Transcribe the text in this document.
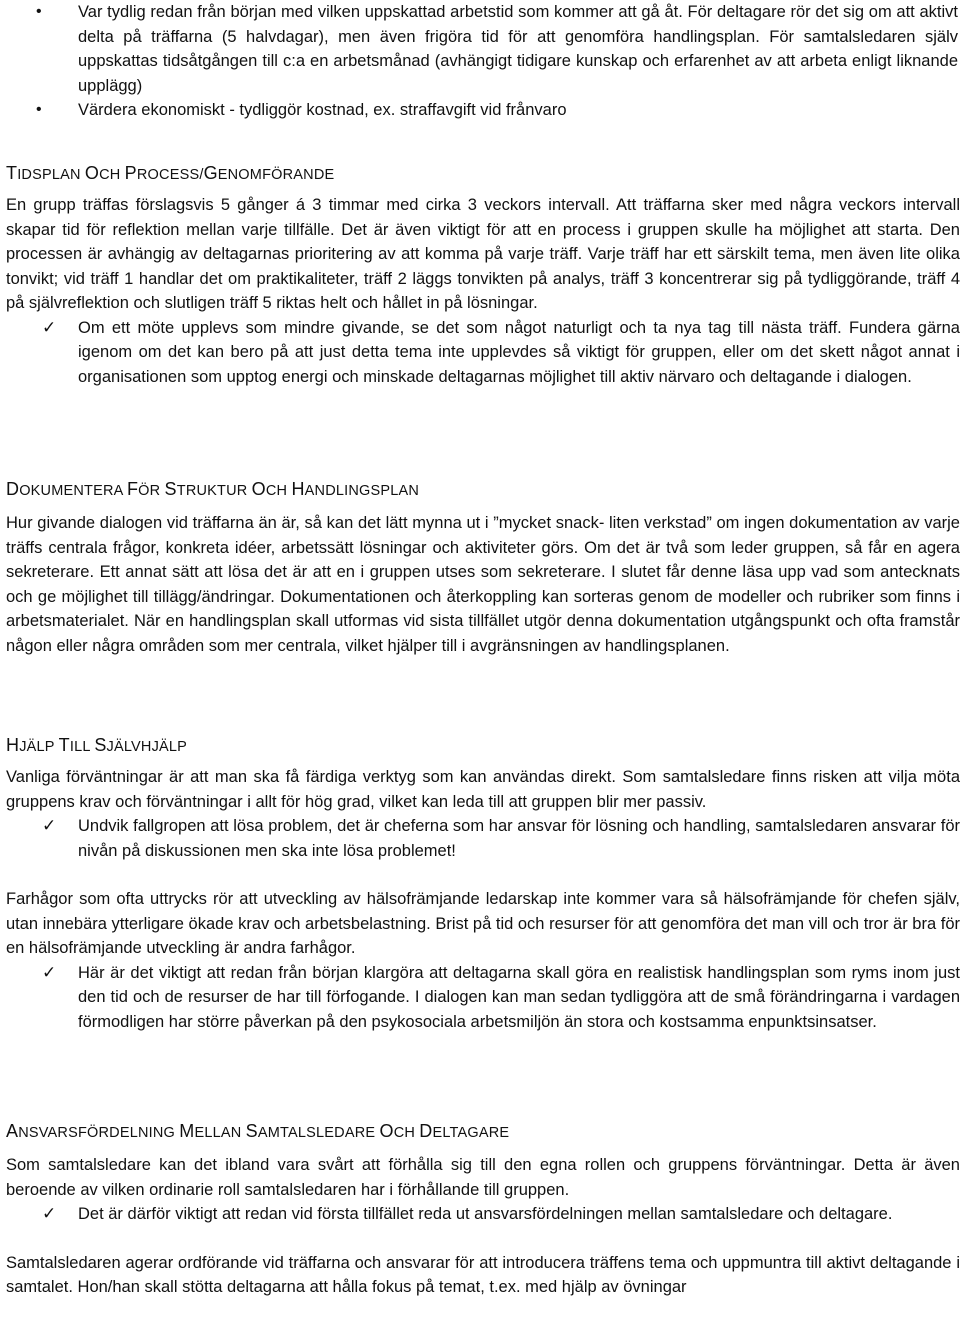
• Var tydlig redan från början med vilken uppskattad arbetstid som kommer att gå åt. För deltagare rör det sig om att aktivt delta på träffarna (5 halvdagar), men även frigöra tid för att genomföra handlingsplan. För samtalsledaren själv uppskattas tidsåtgången till c:a en arbetsmånad (avhängigt tidigare kunskap och erfarenhet av att arbeta enligt liknande upplägg)
• Värdera ekonomiskt - tydliggör kostnad, ex. straffavgift vid frånvaro
TIDSPLAN OCH PROCESS/GENOMFÖRANDE

En grupp träffas förslagsvis 5 gånger á 3 timmar med cirka 3 veckors intervall. Att träffarna sker med några veckors intervall skapar tid för reflektion mellan varje tillfälle. Det är även viktigt för att en process i gruppen skulle ha möjlighet att starta. Den processen är avhängig av deltagarnas prioritering av att komma på varje träff. Varje träff har ett särskilt tema, men även lite olika tonvikt; vid träff 1 handlar det om praktikaliteter, träff 2 läggs tonvikten på analys, träff 3 koncentrerar sig på tydliggörande, träff 4 på självreflektion och slutligen träff 5 riktas helt och hållet in på lösningar.

✓ Om ett möte upplevs som mindre givande, se det som något naturligt och ta nya tag till nästa träff. Fundera gärna igenom om det kan bero på att just detta tema inte upplevdes så viktigt för gruppen, eller om det skett något annat i organisationen som upptog energi och minskade deltagarnas möjlighet till aktiv närvaro och deltagande i dialogen.
DOKUMENTERA FÖR STRUKTUR OCH HANDLINGSPLAN

Hur givande dialogen vid träffarna än är, så kan det lätt mynna ut i ”mycket snack- liten verkstad” om ingen dokumentation av varje träffs centrala frågor, konkreta idéer, arbetssätt lösningar och aktiviteter görs. Om det är två som leder gruppen, så får en agera sekreterare. Ett annat sätt att lösa det är att en i gruppen utses som sekreterare. I slutet får denne läsa upp vad som antecknats och ge möjlighet till tillägg/ändringar. Dokumentationen och återkoppling kan sorteras genom de modeller och rubriker som finns i arbetsmaterialet. När en handlingsplan skall utformas vid sista tillfället utgör denna dokumentation utgångspunkt och ofta framstår någon eller några områden som mer centrala, vilket hjälper till i avgränsningen av handlingsplanen.

HJÄLP TILL SJÄLVHJÄLP

Vanliga förväntningar är att man ska få färdiga verktyg som kan användas direkt. Som samtalsledare finns risken att vilja möta gruppens krav och förväntningar i allt för hög grad, vilket kan leda till att gruppen blir mer passiv.

✓ Undvik fallgropen att lösa problem, det är cheferna som har ansvar för lösning och handling, samtalsledaren ansvarar för nivån på diskussionen men ska inte lösa problemet!

Farhågor som ofta uttrycks rör att utveckling av hälsofrämjande ledarskap inte kommer vara så hälsofrämjande för chefen själv, utan innebära ytterligare ökade krav och arbetsbelastning. Brist på tid och resurser för att genomföra det man vill och tror är bra för en hälsofrämjande utveckling är andra farhågor.

✓ Här är det viktigt att redan från början klargöra att deltagarna skall göra en realistisk handlingsplan som ryms inom just den tid och de resurser de har till förfogande. I dialogen kan man sedan tydliggöra att de små förändringarna i vardagen förmodligen har större påverkan på den psykosociala arbetsmiljön än stora och kostsamma enpunktsinsatser.
ANSVARSFÖRDELNING MELLAN SAMTALSLEDARE OCH DELTAGARE

Som samtalsledare kan det ibland vara svårt att förhålla sig till den egna rollen och gruppens förväntningar. Detta är även beroende av vilken ordinarie roll samtalsledaren har i förhållande till gruppen.

✓ Det är därför viktigt att redan vid första tillfället reda ut ansvarsfördelningen mellan samtalsledare och deltagare.

Samtalsledaren agerar ordförande vid träffarna och ansvarar för att introducera träffens tema och uppmuntra till aktivt deltagande i samtalet. Hon/han skall stötta deltagarna att hålla fokus på temat, t.ex. med hjälp av övningar
